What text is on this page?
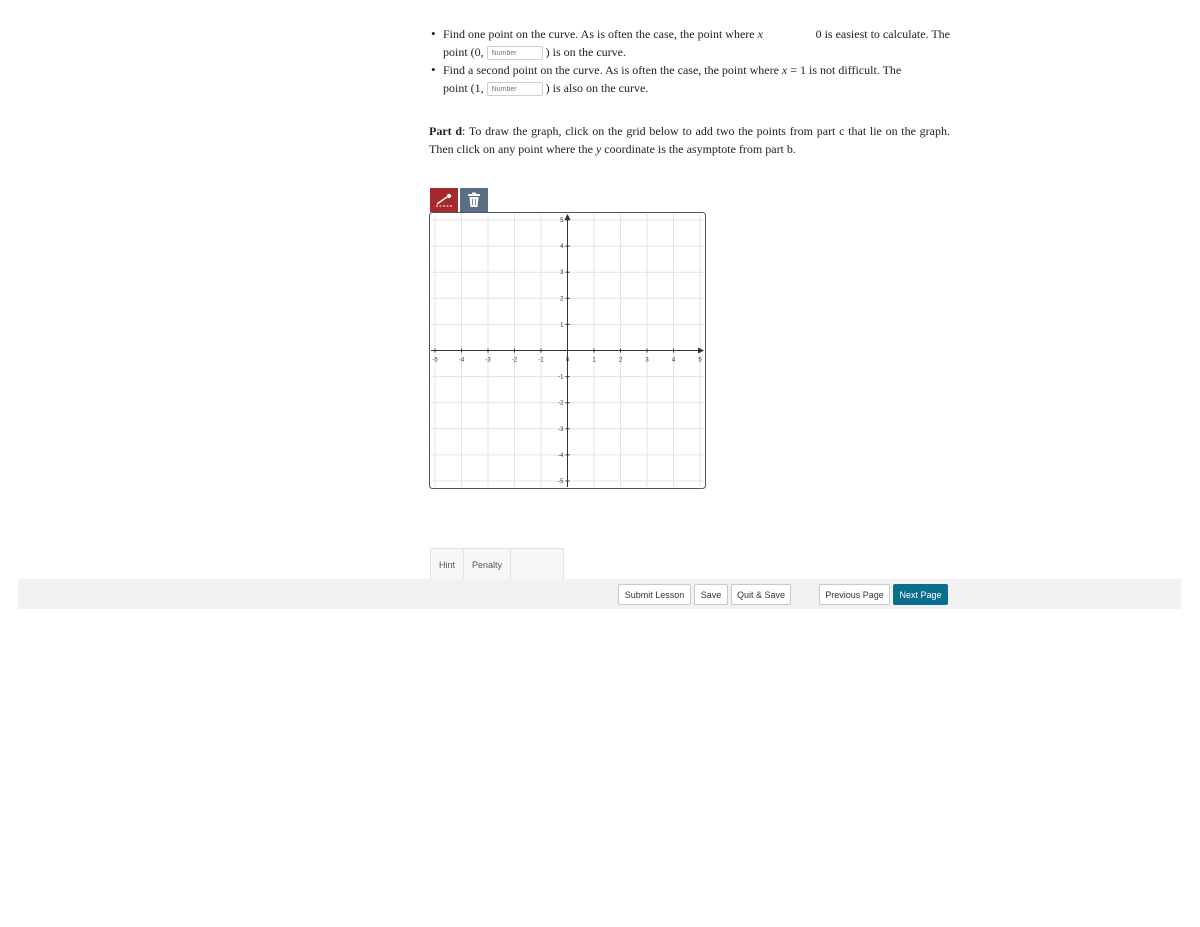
• Find one point on the curve. As is often the case, the point where x	0 is easiest to calculate. The
point (0, Number	) is on the curve.
• Find a second point on the curve. As is often the case, the point where x = 1 is not difficult. The
point (1, Number	) is also on the curve.
Part d: To draw the graph, click on the grid below to add two the points from part c that lie on the graph. Then click on any point where the y coordinate is the asymptote from part b.
-5	-4	-3	-2	-1	0	1	2	3	4	5
5
4
3
2
1
-1
-2
-3
-4
-5
Hint	Penalty
Submit Lesson	Save	Quit & Save	Previous Page	Next Page
